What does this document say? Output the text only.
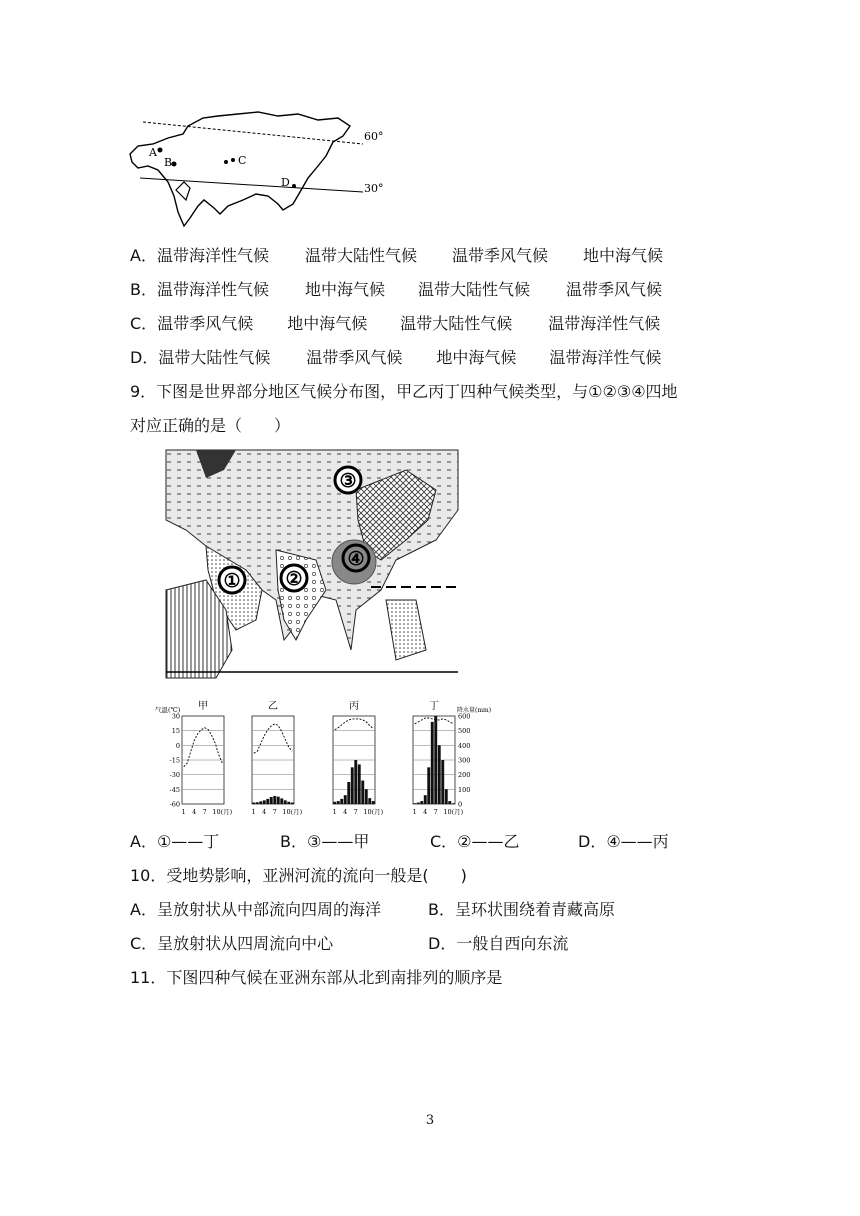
A
B	C
D
60°
30°
A．温带海洋性气候 温带大陆性气候 温带季风气候 地中海气候
B．温带海洋性气候 地中海气候 温带大陆性气候 温带季风气候
C．温带季风气候 地中海气候 温带大陆性气候 温带海洋性气候
D．温带大陆性气候 温带季风气候 地中海气候 温带海洋性气候
9．下图是世界部分地区气候分布图，甲乙丙丁四种气候类型，与①②③④四地
对应正确的是（　　）
① ②
③
④
甲
1 4 7 10(月)
气温(℃)
30
15
0
-15
-30
-45
-60
乙
1 4 7 10(月)
丙
1 4 7 10(月)
丁
1 4 7 10(月)
降水量(mm)
600
500
400
300
200
100
0
A．①——丁	B．③——甲	C．②——乙	D．④——丙
10．受地势影响，亚洲河流的流向一般是(　　)
A．呈放射状从中部流向四周的海洋	B．呈环状围绕着青藏高原
C．呈放射状从四周流向中心	D．一般自西向东流
11．下图四种气候在亚洲东部从北到南排列的顺序是
3
